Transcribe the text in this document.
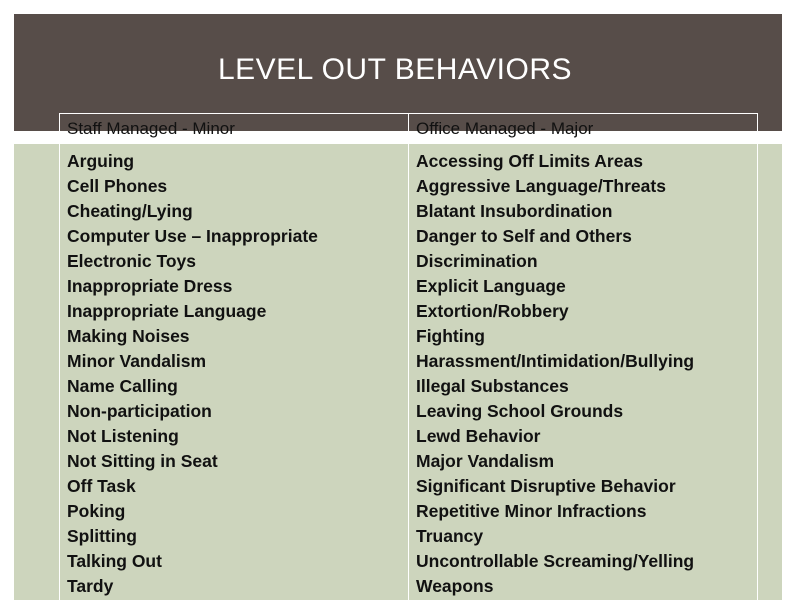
LEVEL OUT BEHAVIORS
Staff Managed - Minor	Office Managed - Major
Arguing
Cell Phones
Cheating/Lying
Computer Use – Inappropriate
Electronic Toys
Inappropriate Dress
Inappropriate Language
Making Noises
Minor Vandalism
Name Calling
Non-participation
Not Listening
Not Sitting in Seat
Off Task
Poking
Splitting
Talking Out
Tardy
Accessing Off Limits Areas
Aggressive Language/Threats
Blatant Insubordination
Danger to Self and Others
Discrimination
Explicit Language
Extortion/Robbery
Fighting
Harassment/Intimidation/Bullying
Illegal Substances
Leaving School Grounds
Lewd Behavior
Major Vandalism
Significant Disruptive Behavior
Repetitive Minor Infractions
Truancy
Uncontrollable Screaming/Yelling
Weapons
